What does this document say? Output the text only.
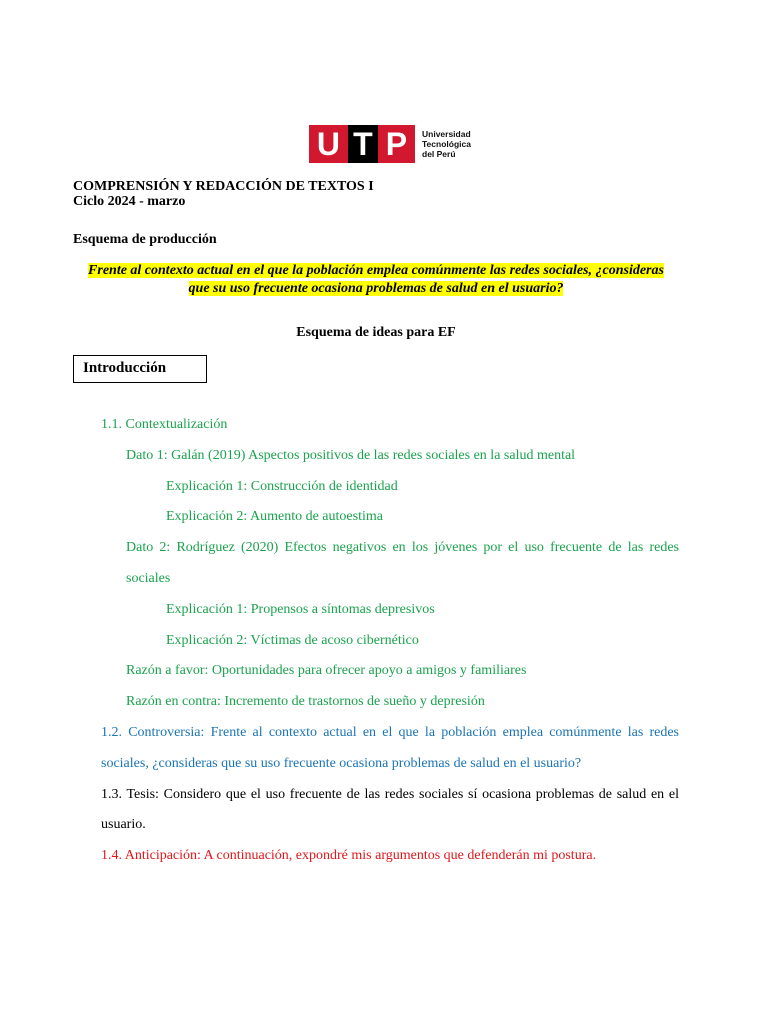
U T P Universidad
Tecnológica
del Perú
COMPRENSIÓN Y REDACCIÓN DE TEXTOS I
Ciclo 2024 - marzo
Esquema de producción
Frente al contexto actual en el que la población emplea comúnmente las redes sociales, ¿consideras
que su uso frecuente ocasiona problemas de salud en el usuario?
Esquema de ideas para EF
Introducción
1.1. Contextualización
Dato 1: Galán (2019) Aspectos positivos de las redes sociales en la salud mental
Explicación 1: Construcción de identidad
Explicación 2: Aumento de autoestima
Dato 2: Rodríguez (2020) Efectos negativos en los jóvenes por el uso frecuente de las redes
sociales
Explicación 1: Propensos a síntomas depresivos
Explicación 2: Víctimas de acoso cibernético
Razón a favor: Oportunidades para ofrecer apoyo a amigos y familiares
Razón en contra: Incremento de trastornos de sueño y depresión
1.2. Controversia: Frente al contexto actual en el que la población emplea comúnmente las redes
sociales, ¿consideras que su uso frecuente ocasiona problemas de salud en el usuario?
1.3. Tesis: Considero que el uso frecuente de las redes sociales sí ocasiona problemas de salud en el
usuario.
1.4. Anticipación: A continuación, expondré mis argumentos que defenderán mi postura.
